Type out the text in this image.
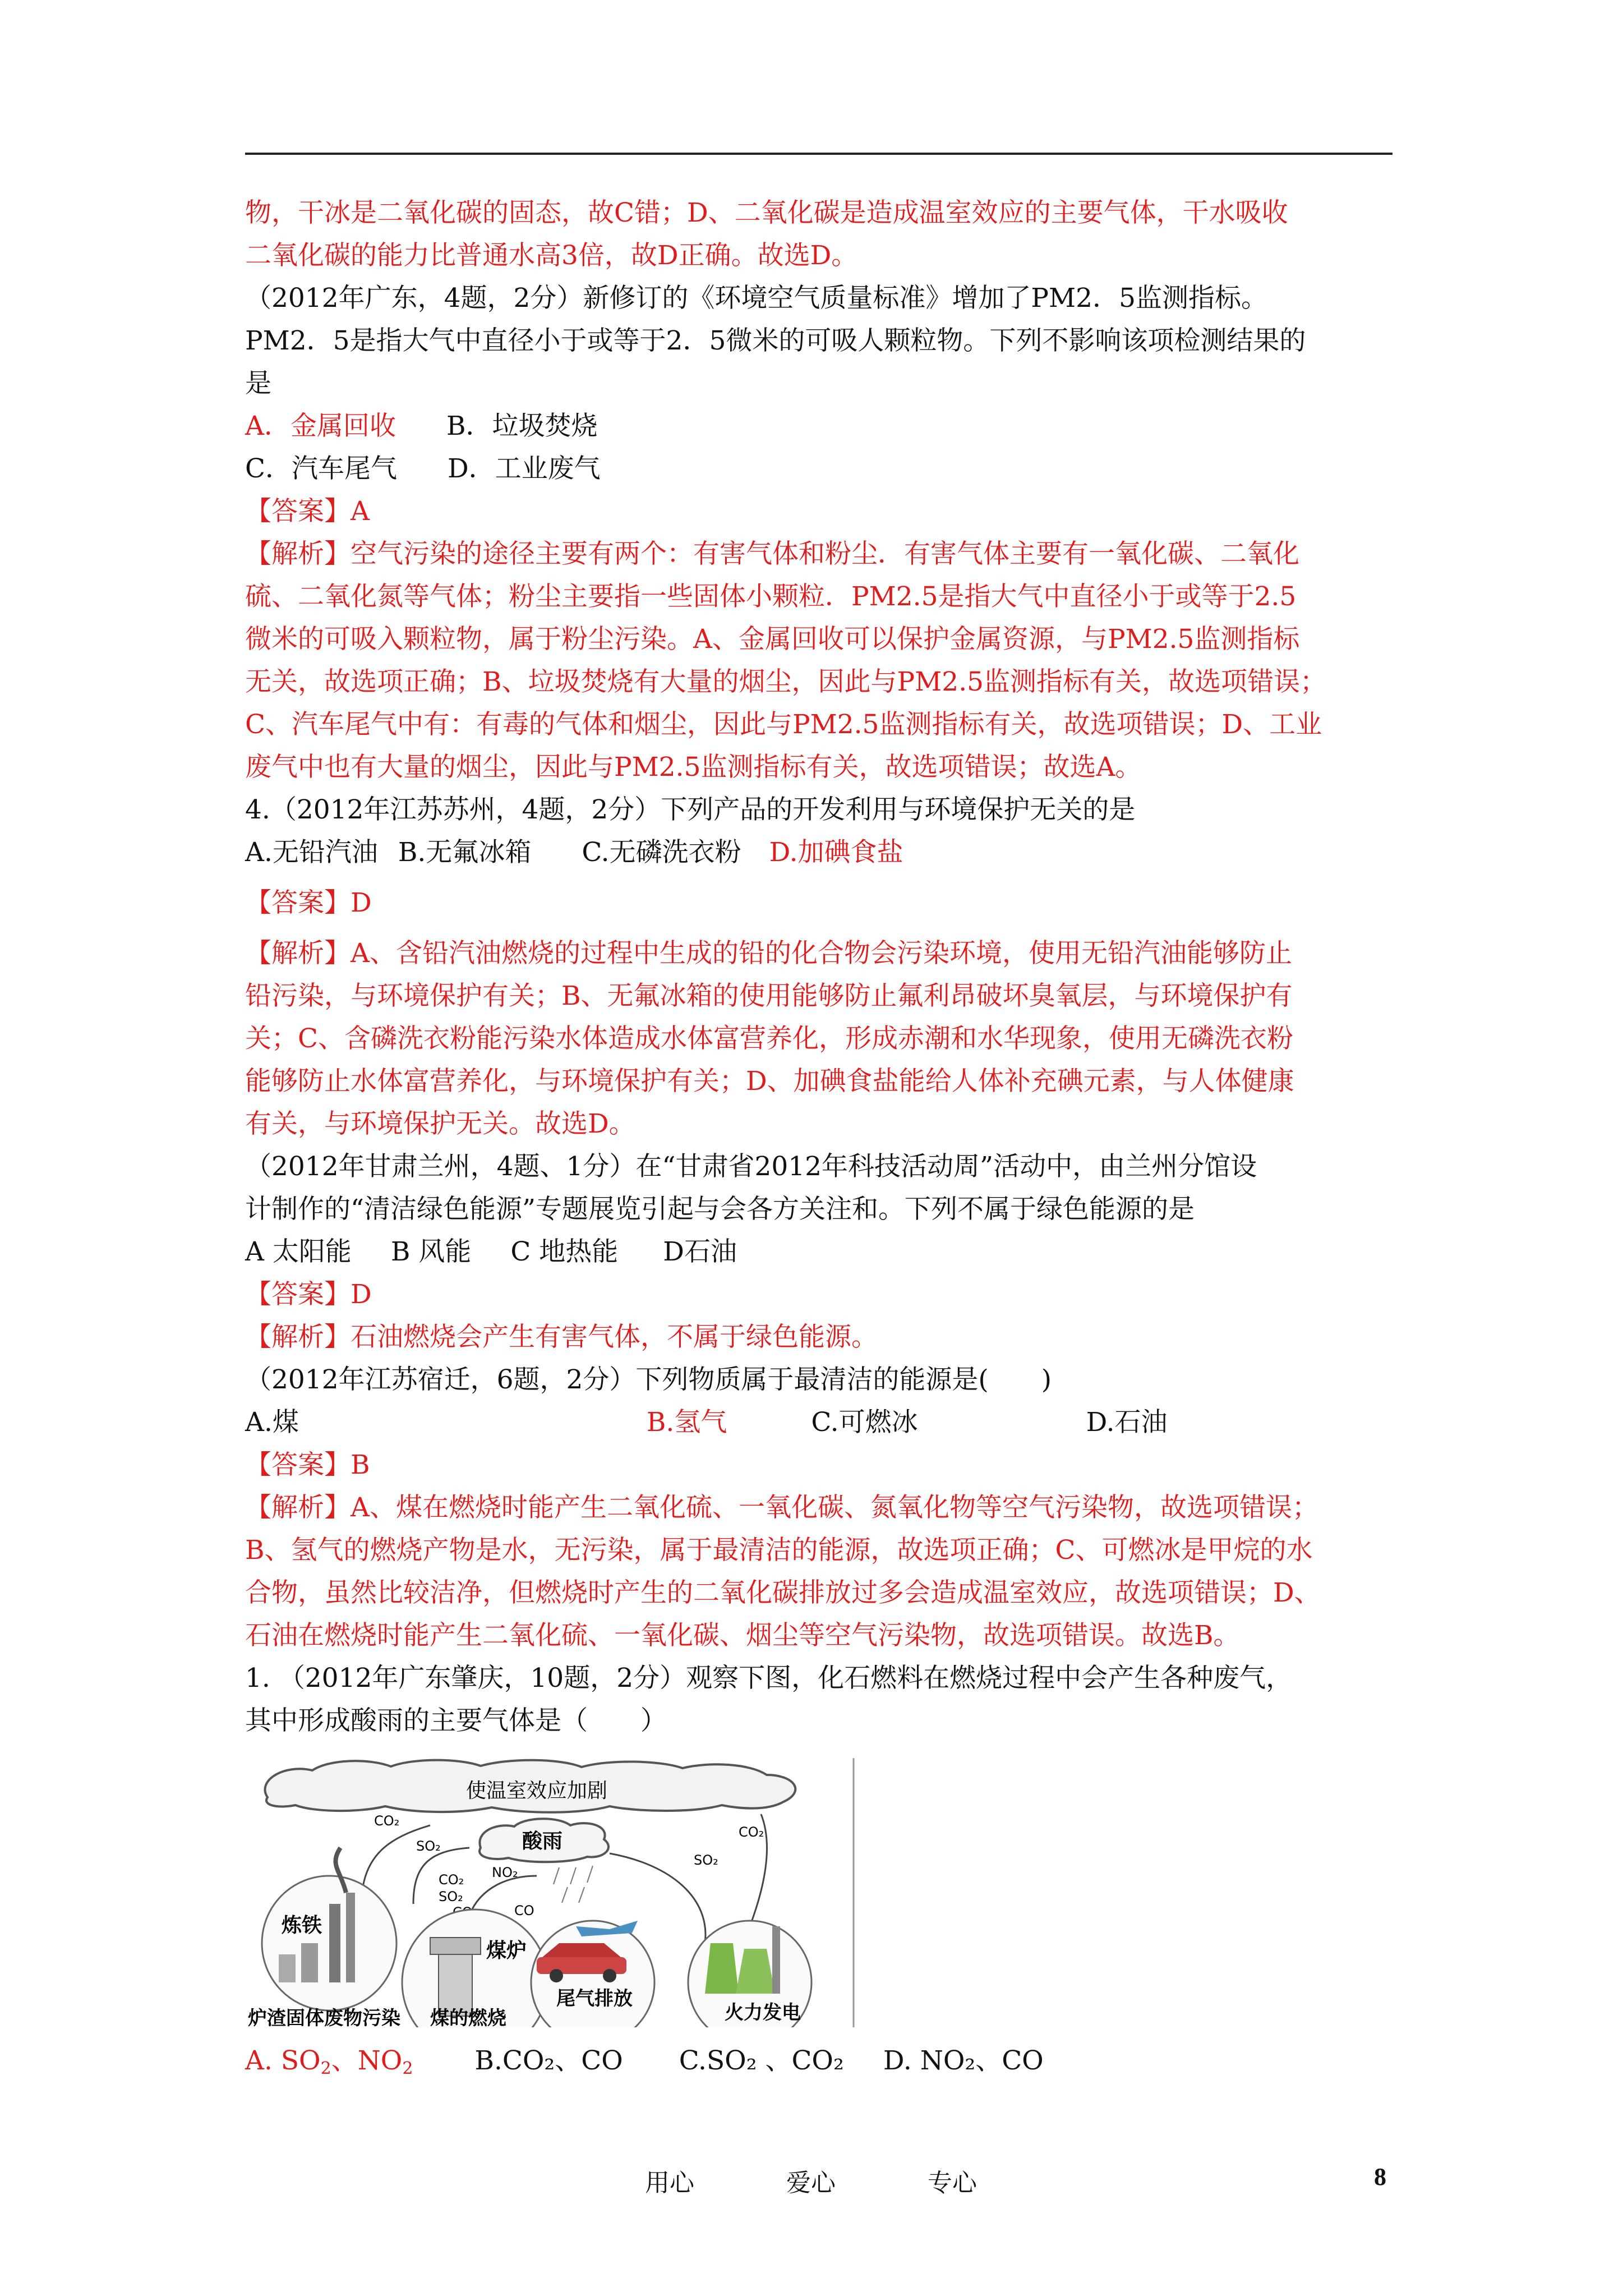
物，干冰是二氧化碳的固态，故C错；D、二氧化碳是造成温室效应的主要气体，干水吸收
二氧化碳的能力比普通水高3倍，故D正确。故选D。
（2012年广东，4题，2分）新修订的《环境空气质量标准》增加了PM2．5监测指标。
PM2．5是指大气中直径小于或等于2．5微米的可吸人颗粒物。下列不影响该项检测结果的
是
A．金属回收 B．垃圾焚烧
C．汽车尾气 D．工业废气
【答案】A
【解析】空气污染的途径主要有两个：有害气体和粉尘．有害气体主要有一氧化碳、二氧化
硫、二氧化氮等气体；粉尘主要指一些固体小颗粒．PM2.5是指大气中直径小于或等于2.5
微米的可吸入颗粒物，属于粉尘污染。A、金属回收可以保护金属资源，与PM2.5监测指标
无关，故选项正确；B、垃圾焚烧有大量的烟尘，因此与PM2.5监测指标有关，故选项错误；
C、汽车尾气中有：有毒的气体和烟尘，因此与PM2.5监测指标有关，故选项错误；D、工业
废气中也有大量的烟尘，因此与PM2.5监测指标有关，故选项错误；故选A。
4.（2012年江苏苏州，4题，2分）下列产品的开发利用与环境保护无关的是
A.无铅汽油 B.无氟冰箱 C.无磷洗衣粉 D.加碘食盐
【答案】D
【解析】A、含铅汽油燃烧的过程中生成的铅的化合物会污染环境，使用无铅汽油能够防止
铅污染，与环境保护有关；B、无氟冰箱的使用能够防止氟利昂破坏臭氧层，与环境保护有
关；C、含磷洗衣粉能污染水体造成水体富营养化，形成赤潮和水华现象，使用无磷洗衣粉
能够防止水体富营养化，与环境保护有关；D、加碘食盐能给人体补充碘元素，与人体健康
有关，与环境保护无关。故选D。
（2012年甘肃兰州，4题、1分）在“甘肃省2012年科技活动周”活动中，由兰州分馆设
计制作的“清洁绿色能源”专题展览引起与会各方关注和。下列不属于绿色能源的是
A 太阳能 B 风能 C 地热能 D石油
【答案】D
【解析】石油燃烧会产生有害气体，不属于绿色能源。
（2012年江苏宿迁，6题，2分）下列物质属于最清洁的能源是(　　)
A.煤	B.氢气	C.可燃冰	D.石油
【答案】B
【解析】A、煤在燃烧时能产生二氧化硫、一氧化碳、氮氧化物等空气污染物，故选项错误；
B、氢气的燃烧产物是水，无污染，属于最清洁的能源，故选项正确；C、可燃冰是甲烷的水
合物，虽然比较洁净，但燃烧时产生的二氧化碳排放过多会造成温室效应，故选项错误；D、
石油在燃烧时能产生二氧化硫、一氧化碳、烟尘等空气污染物，故选项错误。故选B。
1. （2012年广东肇庆，10题，2分）观察下图，化石燃料在燃烧过程中会产生各种废气，
其中形成酸雨的主要气体是（　　）
使温室效应加剧
酸雨
CO₂
SO₂
CO₂
SO₂
NO₂
CO
CO₂
SO₂
炼铁
煤炉
尾气排放
火力发电
炉渣固体废物污染 煤的燃烧
A. $SO_2$、$NO_2$ B.CO₂、CO C.SO₂ 、CO₂ D. NO₂、CO
用心	爱心	专心	8
